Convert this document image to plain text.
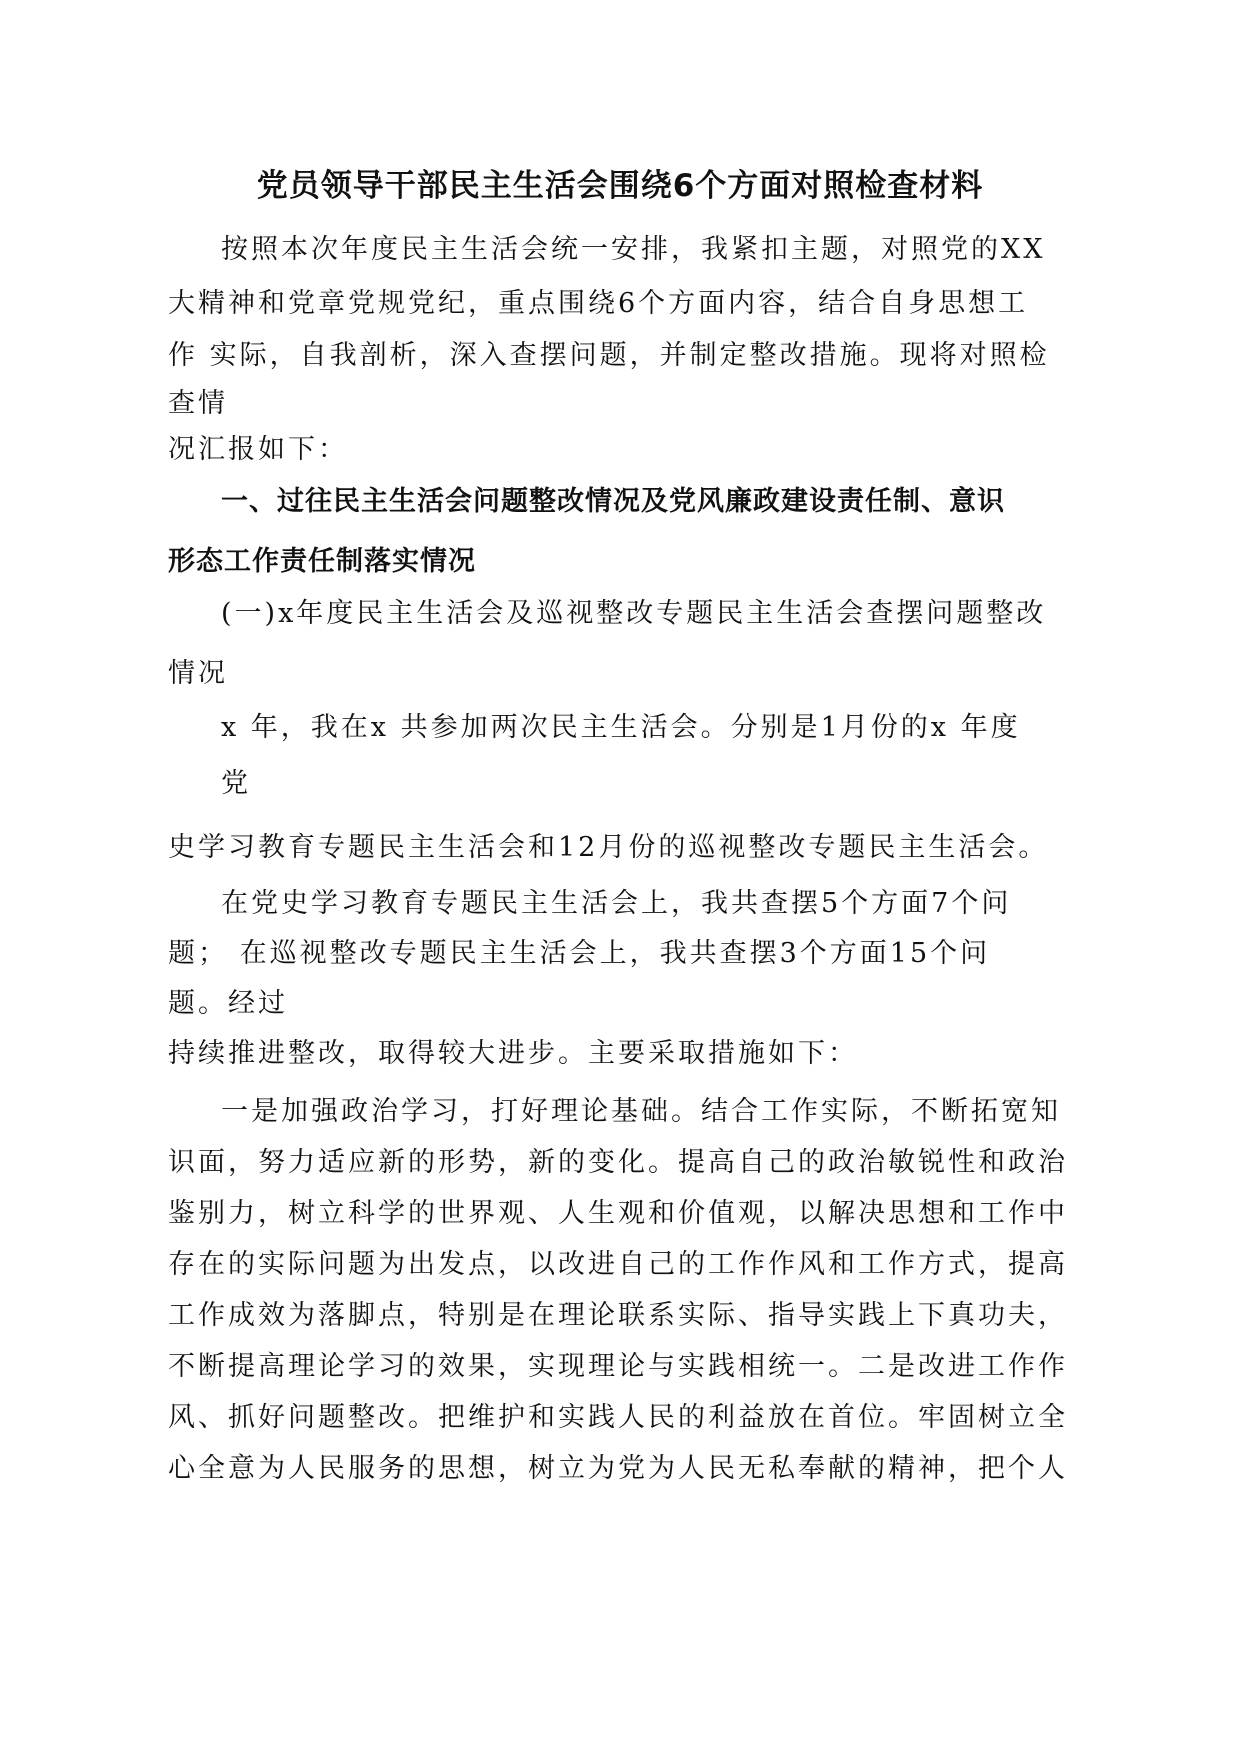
党员领导干部民主生活会围绕6个方面对照检查材料
按照本次年度民主生活会统一安排，我紧扣主题，对照党的XX
大精神和党章党规党纪，重点围绕6个方面内容，结合自身思想工
作 实际，自我剖析，深入查摆问题，并制定整改措施。现将对照检
查情
况汇报如下：
一、过往民主生活会问题整改情况及党风廉政建设责任制、意识
形态工作责任制落实情况
(一)x年度民主生活会及巡视整改专题民主生活会查摆问题整改
情况
x 年，我在x 共参加两次民主生活会。分别是1月份的x 年度
党
史学习教育专题民主生活会和12月份的巡视整改专题民主生活会。
在党史学习教育专题民主生活会上，我共查摆5个方面7个问
题； 在巡视整改专题民主生活会上，我共查摆3个方面15个问
题。经过
持续推进整改，取得较大进步。主要采取措施如下：
一是加强政治学习，打好理论基础。结合工作实际，不断拓宽知
识面，努力适应新的形势，新的变化。提高自己的政治敏锐性和政治
鉴别力，树立科学的世界观、人生观和价值观，以解决思想和工作中
存在的实际问题为出发点，以改进自己的工作作风和工作方式，提高
工作成效为落脚点，特别是在理论联系实际、指导实践上下真功夫，
不断提高理论学习的效果，实现理论与实践相统一。二是改进工作作
风、抓好问题整改。把维护和实践人民的利益放在首位。牢固树立全
心全意为人民服务的思想，树立为党为人民无私奉献的精神，把个人
